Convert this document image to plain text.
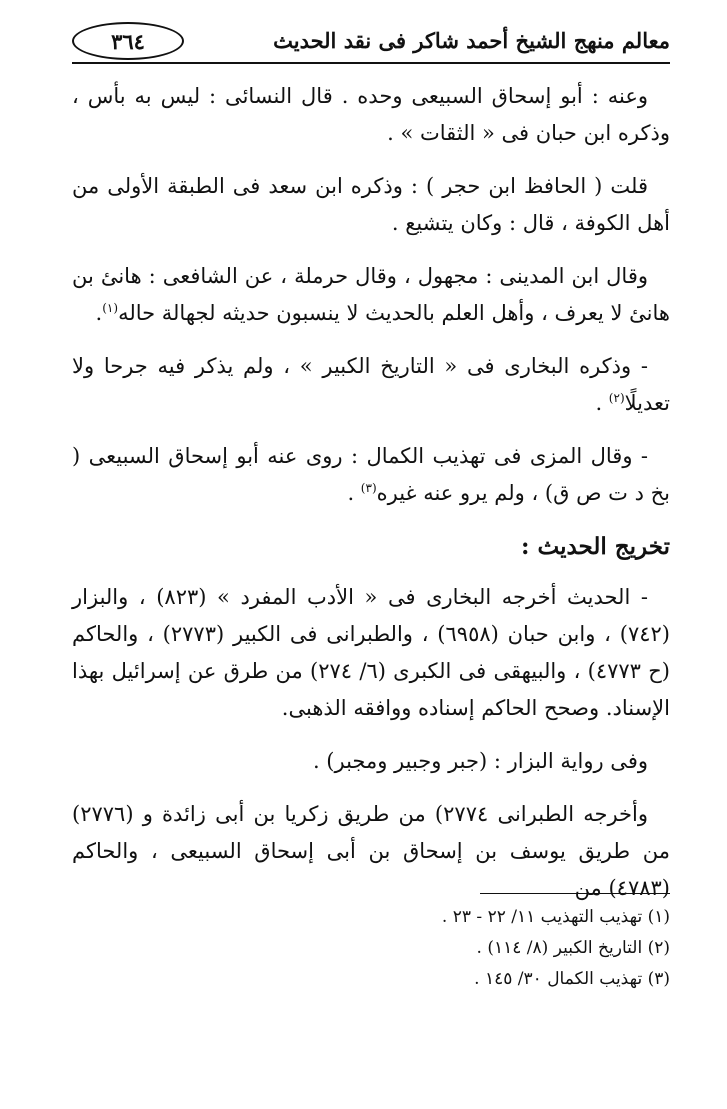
معالم منهج الشيخ أحمد شاكر فى نقد الحديث
٣٦٤

وعنه : أبو إسحاق السبيعى وحده . قال النسائى : ليس به بأس ، وذكره ابن حبان فى « الثقات » .

قلت ( الحافظ ابن حجر ) : وذكره ابن سعد فى الطبقة الأولى من أهل الكوفة ، قال : وكان يتشيع .

وقال ابن المدينى : مجهول ، وقال حرملة ، عن الشافعى : هانئ بن هانئ لا يعرف ، وأهل العلم بالحديث لا ينسبون حديثه لجهالة حاله$^{(١)}$.

- وذكره البخارى فى « التاريخ الكبير » ، ولم يذكر فيه جرحا ولا تعديلًا$^{(٢)}$ .

- وقال المزى فى تهذيب الكمال : روى عنه أبو إسحاق السبيعى ( بخ د ت ص ق) ، ولم يرو عنه غيره$^{(٣)}$ .

تخريج الحديث :

- الحديث أخرجه البخارى فى « الأدب المفرد » (٨٢٣) ، والبزار (٧٤٢) ، وابن حبان (٦٩٥٨) ، والطبرانى فى الكبير (٢٧٧٣) ، والحاكم (ح ٤٧٧٣) ، والبيهقى فى الكبرى (٦/ ٢٧٤) من طرق عن إسرائيل بهذا الإسناد. وصحح الحاكم إسناده ووافقه الذهبى.

وفى رواية البزار : (جبر وجبير ومجبر) .

وأخرجه الطبرانى ٢٧٧٤) من طريق زكريا بن أبى زائدة و (٢٧٧٦) من طريق يوسف بن إسحاق بن أبى إسحاق السبيعى ، والحاكم (٤٧٨٣) من

(١) تهذيب التهذيب ١١/ ٢٢ - ٢٣ .
(٢) التاريخ الكبير (٨/ ١١٤) .
(٣) تهذيب الكمال ٣٠/ ١٤٥ .
